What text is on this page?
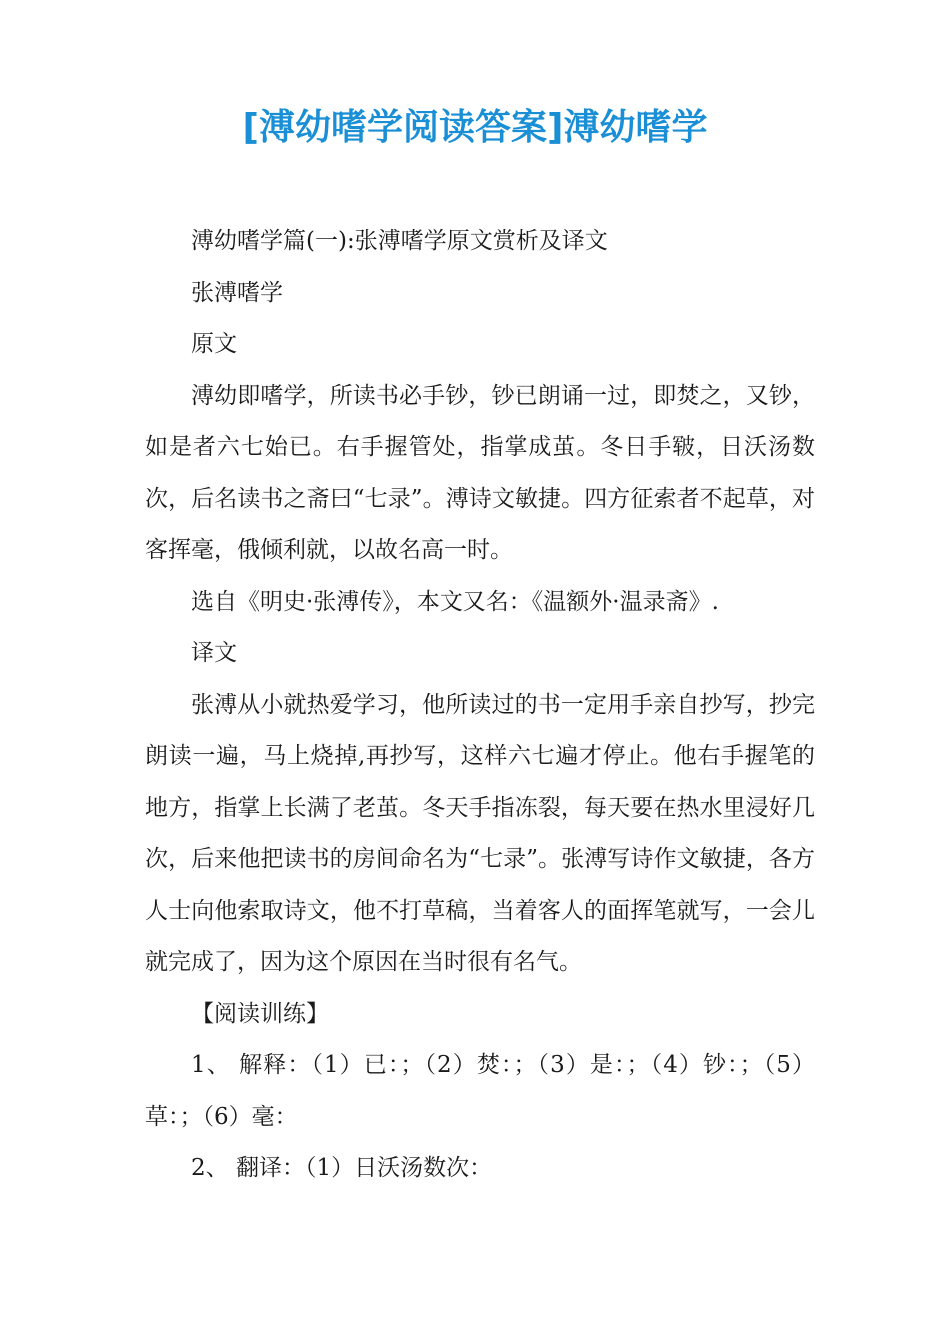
[溥幼嗜学阅读答案]溥幼嗜学

溥幼嗜学篇(一):张溥嗜学原文赏析及译文

张溥嗜学

原文

溥幼即嗜学，所读书必手钞，钞已朗诵一过，即焚之，又钞，如是者六七始已。右手握管处，指掌成茧。冬日手皲，日沃汤数次，后名读书之斋曰“七录”。溥诗文敏捷。四方征索者不起草，对客挥毫，俄倾利就，以故名高一时。

选自《明史·张溥传》，本文又名：《温额外·温录斋》.

译文

张溥从小就热爱学习，他所读过的书一定用手亲自抄写，抄完朗读一遍，马上烧掉,再抄写，这样六七遍才停止。他右手握笔的地方，指掌上长满了老茧。冬天手指冻裂，每天要在热水里浸好几次，后来他把读书的房间命名为“七录”。张溥写诗作文敏捷，各方人士向他索取诗文，他不打草稿，当着客人的面挥笔就写，一会儿就完成了，因为这个原因在当时很有名气。

【阅读训练】

1、 解释：（1）已：；（2）焚：；（3）是：；（4）钞：；（5）草：；（6）毫：

2、 翻译：（1）日沃汤数次：
